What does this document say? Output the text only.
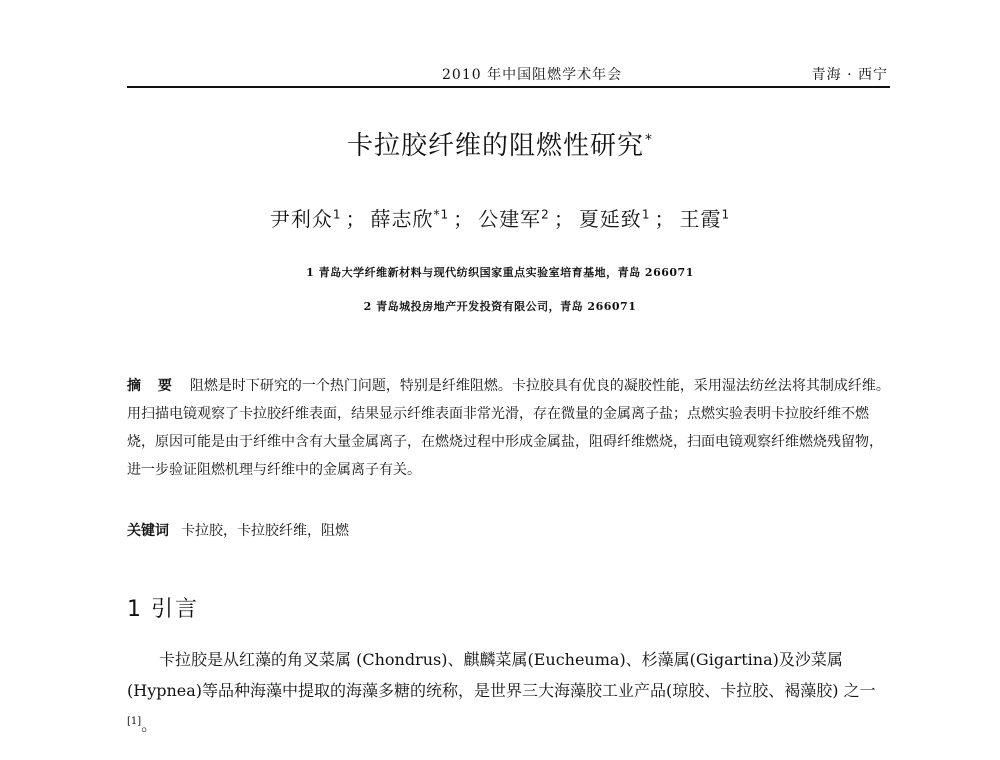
2010 年中国阻燃学术年会	青海 · 西宁
卡拉胶纤维的阻燃性研究*
尹利众$^1$ ； 薛志欣$^{*1}$ ； 公建军$^2$ ； 夏延致$^1$ ； 王霞$^1$
1 青岛大学纤维新材料与现代纺织国家重点实验室培育基地，青岛 266071
2 青岛城投房地产开发投资有限公司，青岛 266071
摘 要 阻燃是时下研究的一个热门问题，特别是纤维阻燃。卡拉胶具有优良的凝胶性能，采用湿法纺丝法将其制成纤维。用扫描电镜观察了卡拉胶纤维表面，结果显示纤维表面非常光滑，存在微量的金属离子盐；点燃实验表明卡拉胶纤维不燃烧，原因可能是由于纤维中含有大量金属离子，在燃烧过程中形成金属盐，阻碍纤维燃烧，扫面电镜观察纤维燃烧残留物，进一步验证阻燃机理与纤维中的金属离子有关。
关键词 卡拉胶，卡拉胶纤维，阻燃
1 引言
卡拉胶是从红藻的角叉菜属 (Chondrus)、麒麟菜属(Eucheuma)、杉藻属(Gigartina)及沙菜属(Hypnea)等品种海藻中提取的海藻多糖的统称，是世界三大海藻胶工业产品(琼胶、卡拉胶、褐藻胶) 之一[1]。
